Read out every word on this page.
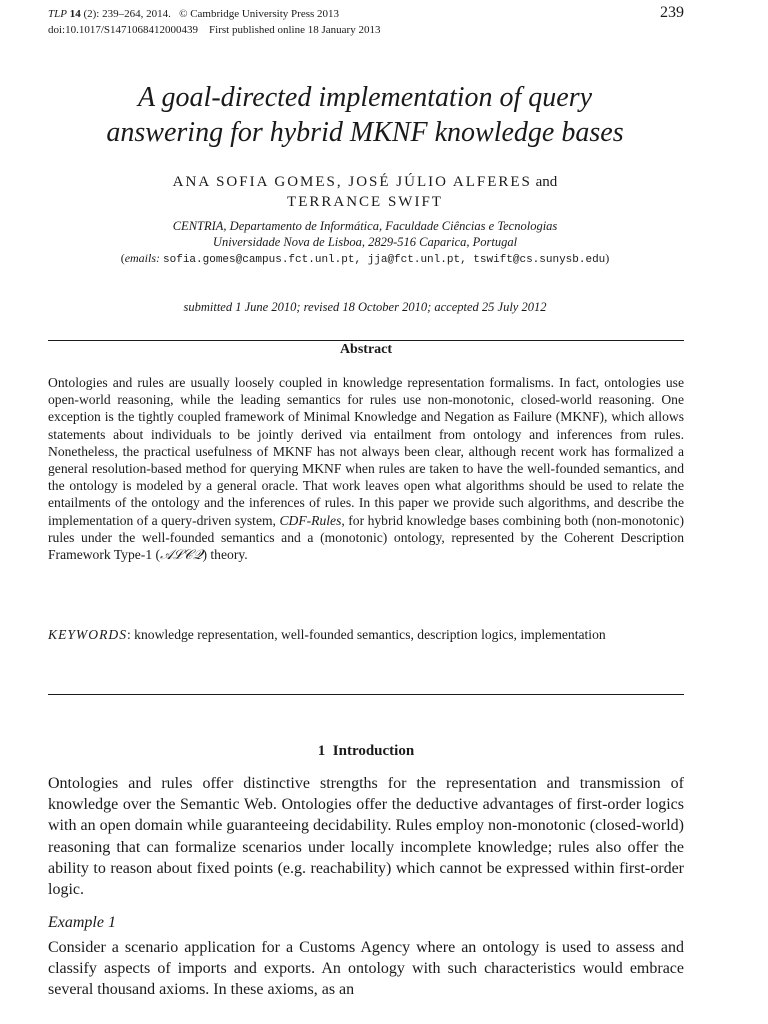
TLP 14 (2): 239–264, 2014. © Cambridge University Press 2013
doi:10.1017/S1471068412000439 First published online 18 January 2013
239
A goal-directed implementation of query
answering for hybrid MKNF knowledge bases
ANA SOFIA GOMES, JOSÉ JÚLIO ALFERES and
TERRANCE SWIFT
CENTRIA, Departamento de Informática, Faculdade Ciências e Tecnologias
Universidade Nova de Lisboa, 2829-516 Caparica, Portugal
(emails: sofia.gomes@campus.fct.unl.pt, jja@fct.unl.pt, tswift@cs.sunysb.edu)
submitted 1 June 2010; revised 18 October 2010; accepted 25 July 2012
Abstract
Ontologies and rules are usually loosely coupled in knowledge representation formalisms. In fact, ontologies use open-world reasoning, while the leading semantics for rules use non-monotonic, closed-world reasoning. One exception is the tightly coupled framework of Minimal Knowledge and Negation as Failure (MKNF), which allows statements about individuals to be jointly derived via entailment from ontology and inferences from rules. Nonetheless, the practical usefulness of MKNF has not always been clear, although recent work has formalized a general resolution-based method for querying MKNF when rules are taken to have the well-founded semantics, and the ontology is modeled by a general oracle. That work leaves open what algorithms should be used to relate the entailments of the ontology and the inferences of rules. In this paper we provide such algorithms, and describe the implementation of a query-driven system, CDF-Rules, for hybrid knowledge bases combining both (non-monotonic) rules under the well-founded semantics and a (monotonic) ontology, represented by the Coherent Description Framework Type-1 (𝒜ℒ𝒞𝒬) theory.
KEYWORDS: knowledge representation, well-founded semantics, description logics, implementation
1 Introduction
Ontologies and rules offer distinctive strengths for the representation and transmission of knowledge over the Semantic Web. Ontologies offer the deductive advantages of first-order logics with an open domain while guaranteeing decidability. Rules employ non-monotonic (closed-world) reasoning that can formalize scenarios under locally incomplete knowledge; rules also offer the ability to reason about fixed points (e.g. reachability) which cannot be expressed within first-order logic.
Example 1
Consider a scenario application for a Customs Agency where an ontology is used to assess and classify aspects of imports and exports. An ontology with such characteristics would embrace several thousand axioms. In these axioms, as an
